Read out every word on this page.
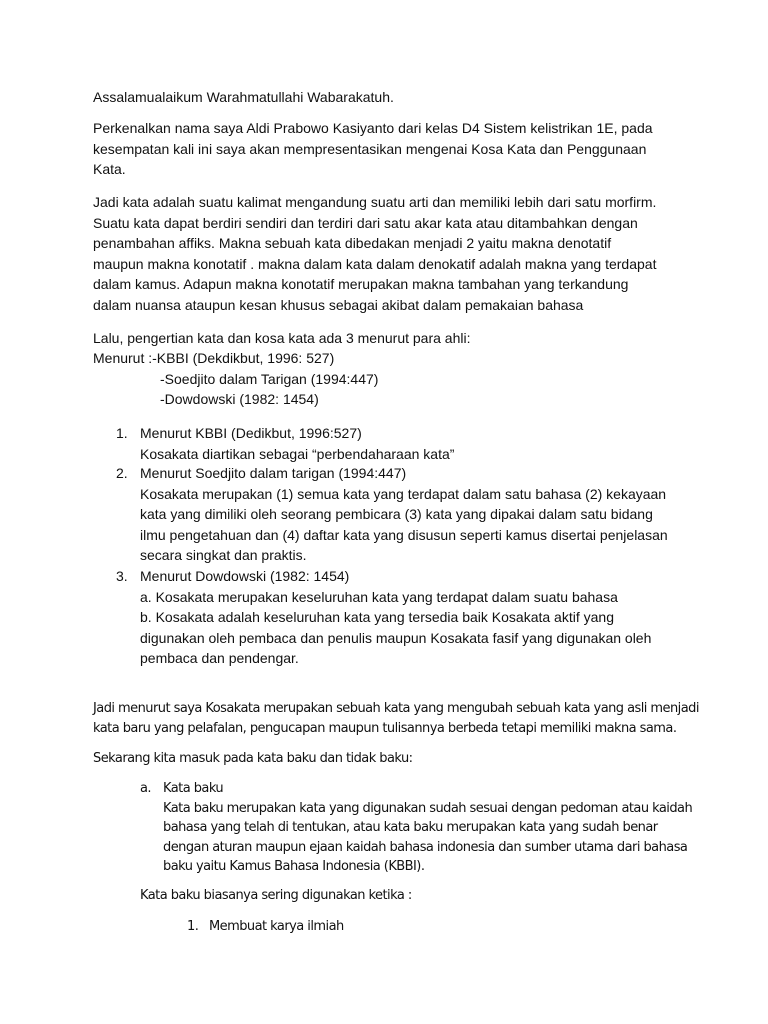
Assalamualaikum Warahmatullahi Wabarakatuh.

Perkenalkan nama saya Aldi Prabowo Kasiyanto dari kelas D4 Sistem kelistrikan 1E, pada
kesempatan kali ini saya akan mempresentasikan mengenai Kosa Kata dan Penggunaan
Kata.

Jadi kata adalah suatu kalimat mengandung suatu arti dan memiliki lebih dari satu morfirm.
Suatu kata dapat berdiri sendiri dan terdiri dari satu akar kata atau ditambahkan dengan
penambahan affiks. Makna sebuah kata dibedakan menjadi 2 yaitu makna denotatif
maupun makna konotatif . makna dalam kata dalam denokatif adalah makna yang terdapat
dalam kamus. Adapun makna konotatif merupakan makna tambahan yang terkandung
dalam nuansa ataupun kesan khusus sebagai akibat dalam pemakaian bahasa

Lalu, pengertian kata dan kosa kata ada 3 menurut para ahli:
Menurut :-KBBI (Dekdikbut, 1996: 527)
-Soedjito dalam Tarigan (1994:447)
-Dowdowski (1982: 1454)
1. Menurut KBBI (Dedikbut, 1996:527)
Kosakata diartikan sebagai “perbendaharaan kata”
2. Menurut Soedjito dalam tarigan (1994:447)
Kosakata merupakan (1) semua kata yang terdapat dalam satu bahasa (2) kekayaan
kata yang dimiliki oleh seorang pembicara (3) kata yang dipakai dalam satu bidang
ilmu pengetahuan dan (4) daftar kata yang disusun seperti kamus disertai penjelasan
secara singkat dan praktis.
3. Menurut Dowdowski (1982: 1454)
a. Kosakata merupakan keseluruhan kata yang terdapat dalam suatu bahasa
b. Kosakata adalah keseluruhan kata yang tersedia baik Kosakata aktif yang
digunakan oleh pembaca dan penulis maupun Kosakata fasif yang digunakan oleh
pembaca dan pendengar.

Jadi menurut saya Kosakata merupakan sebuah kata yang mengubah sebuah kata yang asli menjadi
kata baru yang pelafalan, pengucapan maupun tulisannya berbeda tetapi memiliki makna sama.

Sekarang kita masuk pada kata baku dan tidak baku:

a. Kata baku
Kata baku merupakan kata yang digunakan sudah sesuai dengan pedoman atau kaidah
bahasa yang telah di tentukan, atau kata baku merupakan kata yang sudah benar
dengan aturan maupun ejaan kaidah bahasa indonesia dan sumber utama dari bahasa
baku yaitu Kamus Bahasa Indonesia (KBBI).

Kata baku biasanya sering digunakan ketika :

1. Membuat karya ilmiah
